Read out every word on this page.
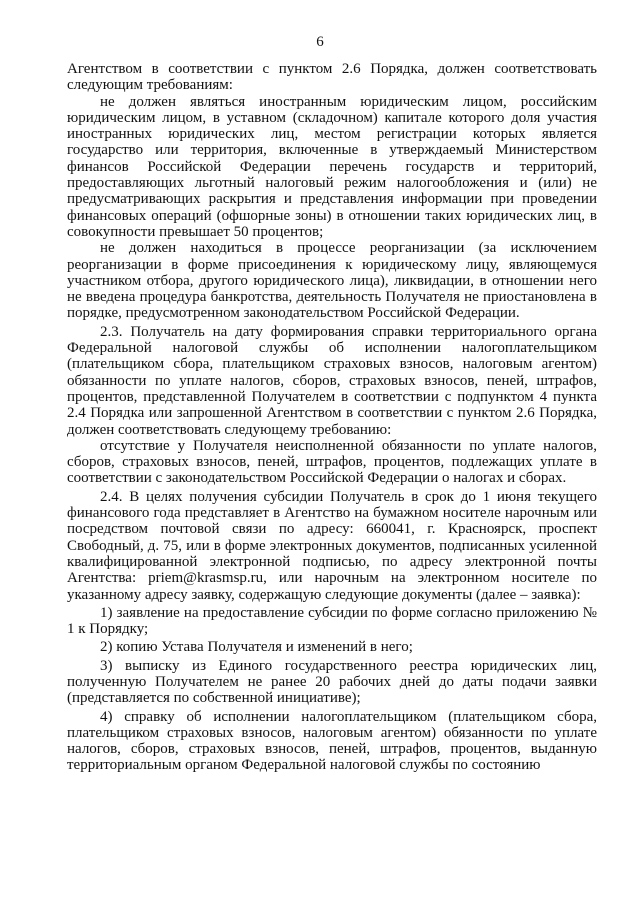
6

Агентством в соответствии с пунктом 2.6 Порядка, должен соответствовать следующим требованиям:

не должен являться иностранным юридическим лицом, российским юридическим лицом, в уставном (складочном) капитале которого доля участия иностранных юридических лиц, местом регистрации которых является государство или территория, включенные в утверждаемый Министерством финансов Российской Федерации перечень государств и территорий, предоставляющих льготный налоговый режим налогообложения и (или) не предусматривающих раскрытия и представления информации при проведении финансовых операций (офшорные зоны) в отношении таких юридических лиц, в совокупности превышает 50 процентов;

не должен находиться в процессе реорганизации (за исключением реорганизации в форме присоединения к юридическому лицу, являющемуся участником отбора, другого юридического лица), ликвидации, в отношении него не введена процедура банкротства, деятельность Получателя не приостановлена в порядке, предусмотренном законодательством Российской Федерации.

2.3. Получатель на дату формирования справки территориального органа Федеральной налоговой службы об исполнении налогоплательщиком (плательщиком сбора, плательщиком страховых взносов, налоговым агентом) обязанности по уплате налогов, сборов, страховых взносов, пеней, штрафов, процентов, представленной Получателем в соответствии с подпунктом 4 пункта 2.4 Порядка или запрошенной Агентством в соответствии с пунктом 2.6 Порядка, должен соответствовать следующему требованию:

отсутствие у Получателя неисполненной обязанности по уплате налогов, сборов, страховых взносов, пеней, штрафов, процентов, подлежащих уплате в соответствии с законодательством Российской Федерации о налогах и сборах.

2.4. В целях получения субсидии Получатель в срок до 1 июня текущего финансового года представляет в Агентство на бумажном носителе нарочным или посредством почтовой связи по адресу: 660041, г. Красноярск, проспект Свободный, д. 75, или в форме электронных документов, подписанных усиленной квалифицированной электронной подписью, по адресу электронной почты Агентства: priem@krasmsp.ru, или нарочным на электронном носителе по указанному адресу заявку, содержащую следующие документы (далее – заявка):

1) заявление на предоставление субсидии по форме согласно приложению № 1 к Порядку;

2) копию Устава Получателя и изменений в него;

3) выписку из Единого государственного реестра юридических лиц, полученную Получателем не ранее 20 рабочих дней до даты подачи заявки (представляется по собственной инициативе);

4) справку об исполнении налогоплательщиком (плательщиком сбора, плательщиком страховых взносов, налоговым агентом) обязанности по уплате налогов, сборов, страховых взносов, пеней, штрафов, процентов, выданную территориальным органом Федеральной налоговой службы по состоянию
